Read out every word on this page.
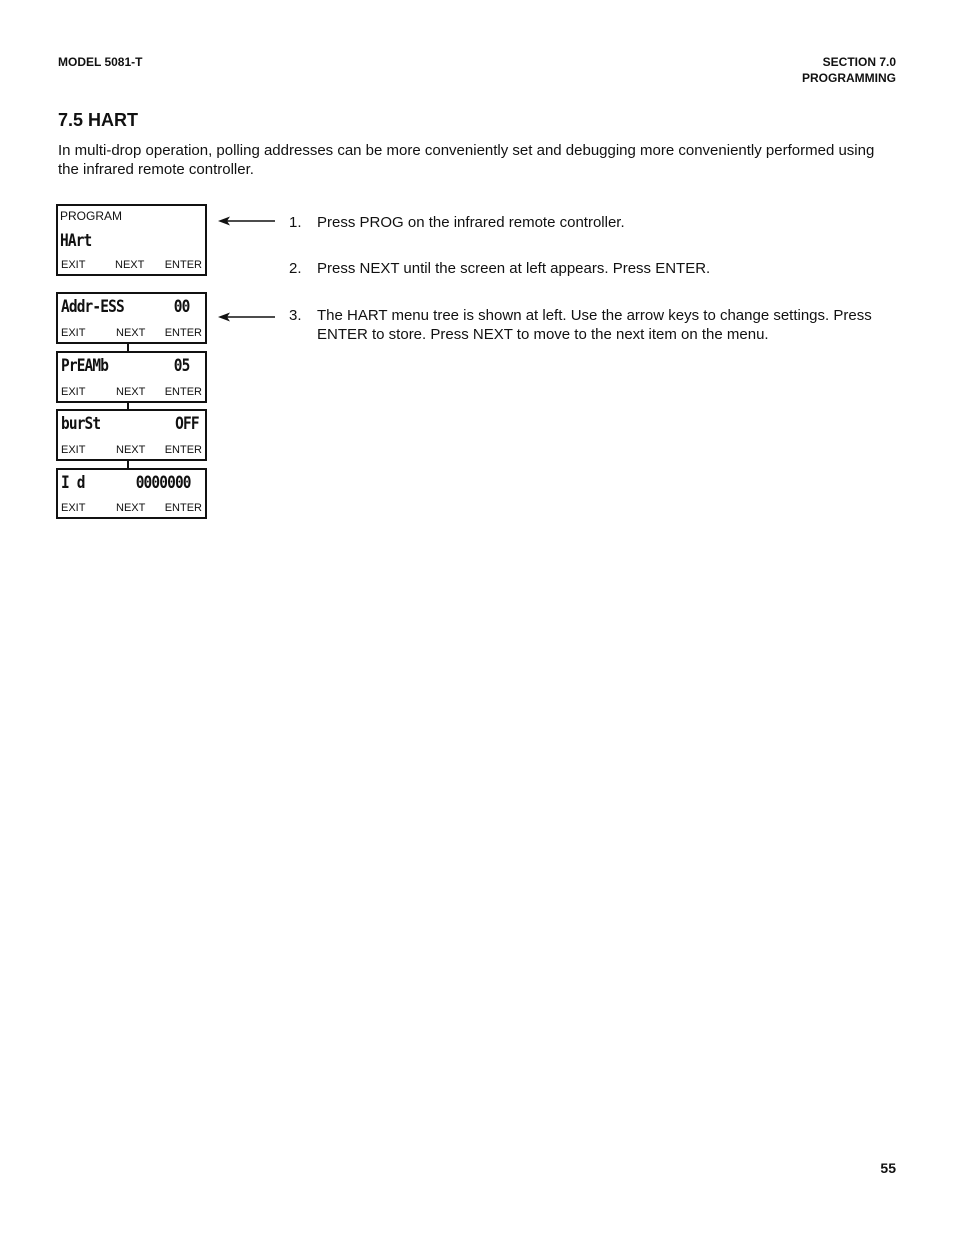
MODEL 5081-T	SECTION 7.0
PROGRAMMING
7.5 HART

In multi-drop operation, polling addresses can be more conveniently set and debugging more conveniently performed using the infrared remote controller.

PROGRAM
HArt
EXIT	NEXT ENTER
Addr-ESS	00
EXIT	NEXT ENTER
PrEAMb	05
EXIT	NEXT ENTER
burSt	OFF
EXIT	NEXT ENTER
I d	0000000
EXIT	NEXT ENTER
1. Press PROG on the infrared remote controller.
2. Press NEXT until the screen at left appears. Press ENTER.
3. The HART menu tree is shown at left. Use the arrow keys to change settings. Press ENTER to store. Press NEXT to move to the next item on the menu.
55
